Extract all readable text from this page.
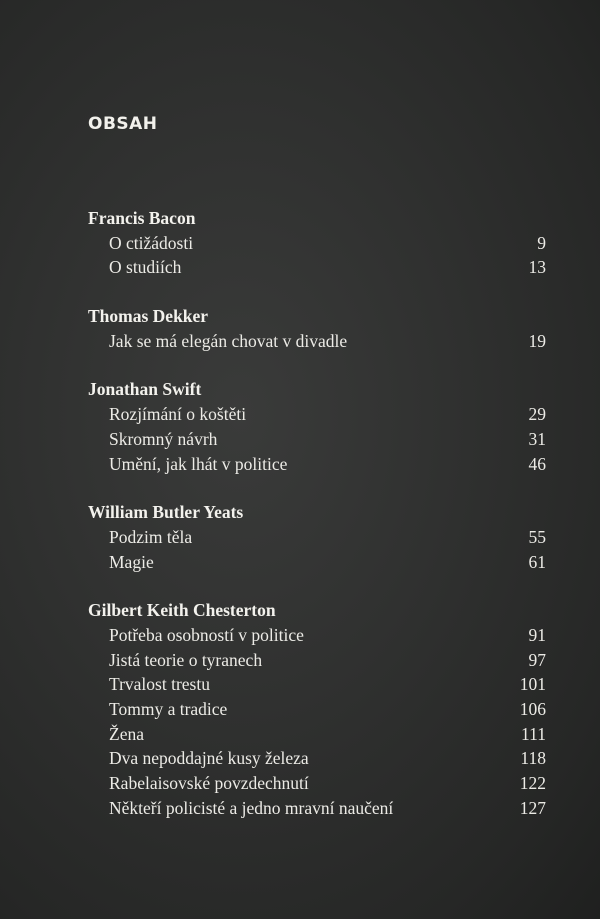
OBSAH
Francis Bacon
O ctižádosti	9
O studiích	13
Thomas Dekker
Jak se má elegán chovat v divadle	19
Jonathan Swift
Rozjímání o koštěti	29
Skromný návrh	31
Umění, jak lhát v politice	46
William Butler Yeats
Podzim těla	55
Magie	61
Gilbert Keith Chesterton
Potřeba osobností v politice	91
Jistá teorie o tyranech	97
Trvalost trestu	101
Tommy a tradice	106
Žena	111
Dva nepoddajné kusy železa	118
Rabelaisovské povzdechnutí	122
Někteří policisté a jedno mravní naučení	127
